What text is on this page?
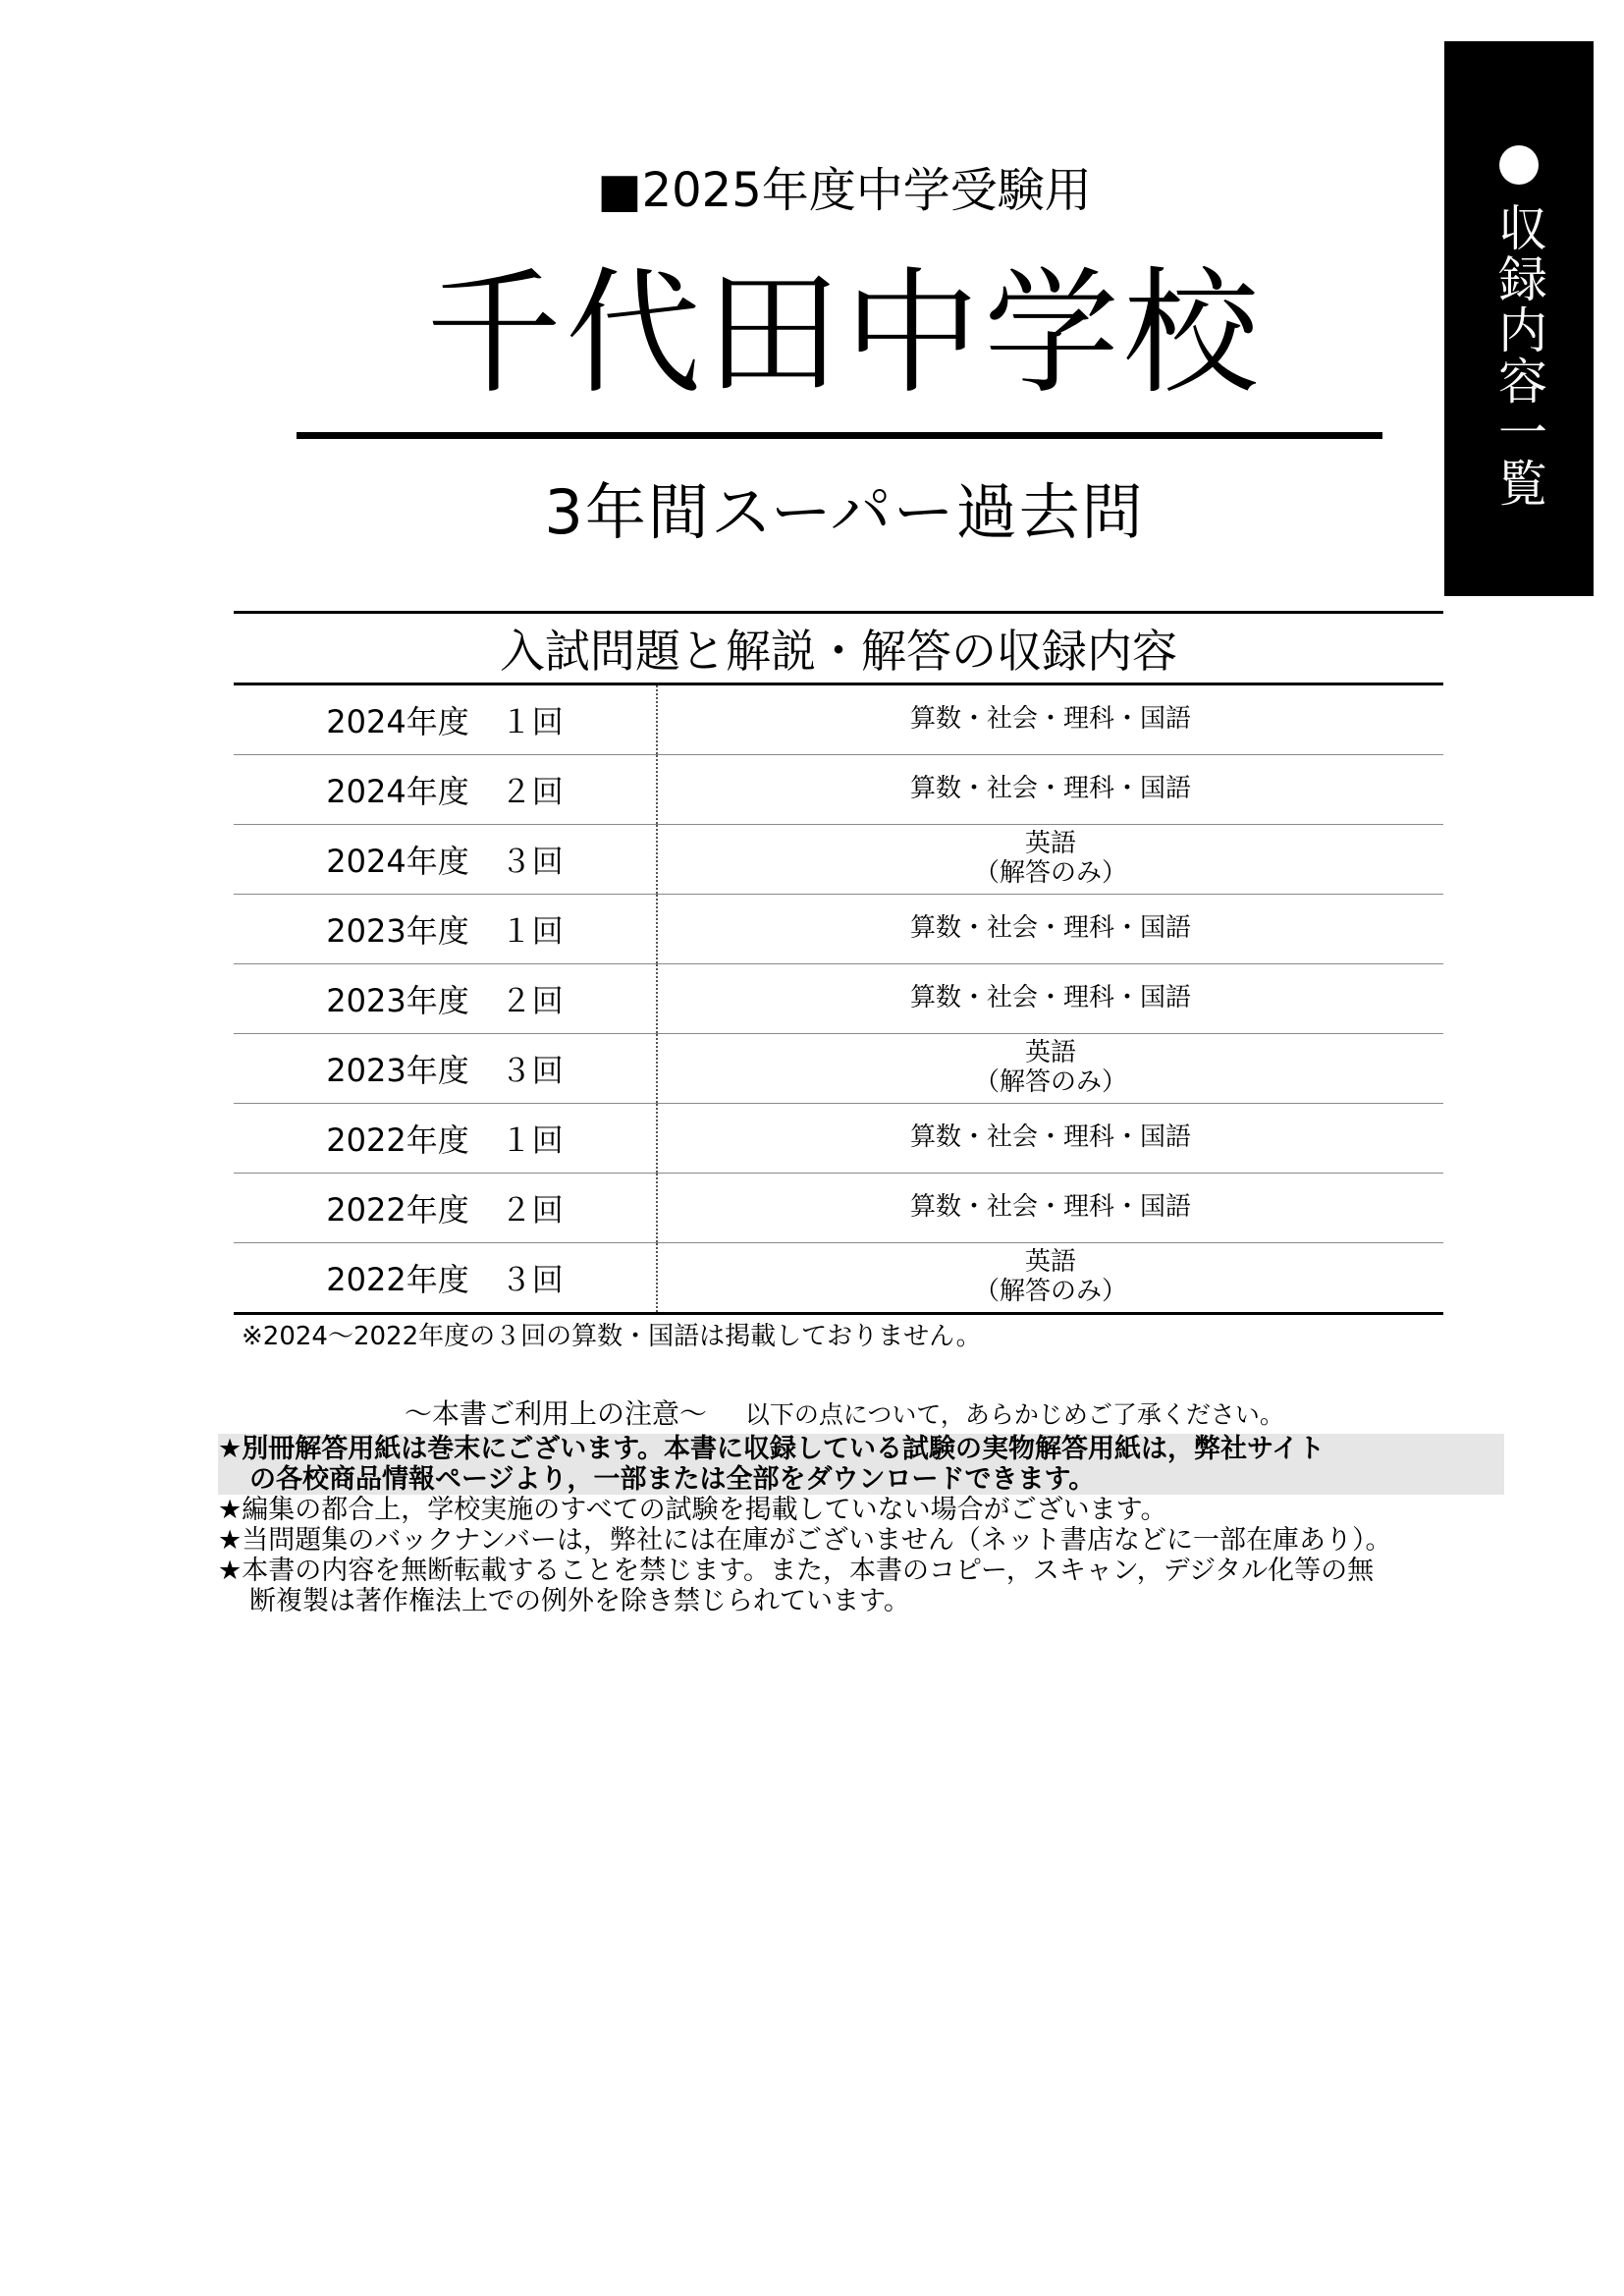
収録内容一覧
■2025年度中学受験用
千代田中学校
3年間スーパー過去問
入試問題と解説・解答の収録内容
2024年度　１回	算数・社会・理科・国語
2024年度　２回	算数・社会・理科・国語
2024年度　３回	英語
（解答のみ）
2023年度　１回	算数・社会・理科・国語
2023年度　２回	算数・社会・理科・国語
2023年度　３回	英語
（解答のみ）
2022年度　１回	算数・社会・理科・国語
2022年度　２回	算数・社会・理科・国語
2022年度　３回	英語
（解答のみ）
※2024～2022年度の３回の算数・国語は掲載しておりません。
～本書ご利用上の注意～ 以下の点について，あらかじめご了承ください。
★別冊解答用紙は巻末にございます。本書に収録している試験の実物解答用紙は，弊社サイト
の各校商品情報ページより，一部または全部をダウンロードできます。
★編集の都合上，学校実施のすべての試験を掲載していない場合がございます。
★当問題集のバックナンバーは，弊社には在庫がございません（ネット書店などに一部在庫あり）。
★本書の内容を無断転載することを禁じます。また，本書のコピー，スキャン，デジタル化等の無
断複製は著作権法上での例外を除き禁じられています。
